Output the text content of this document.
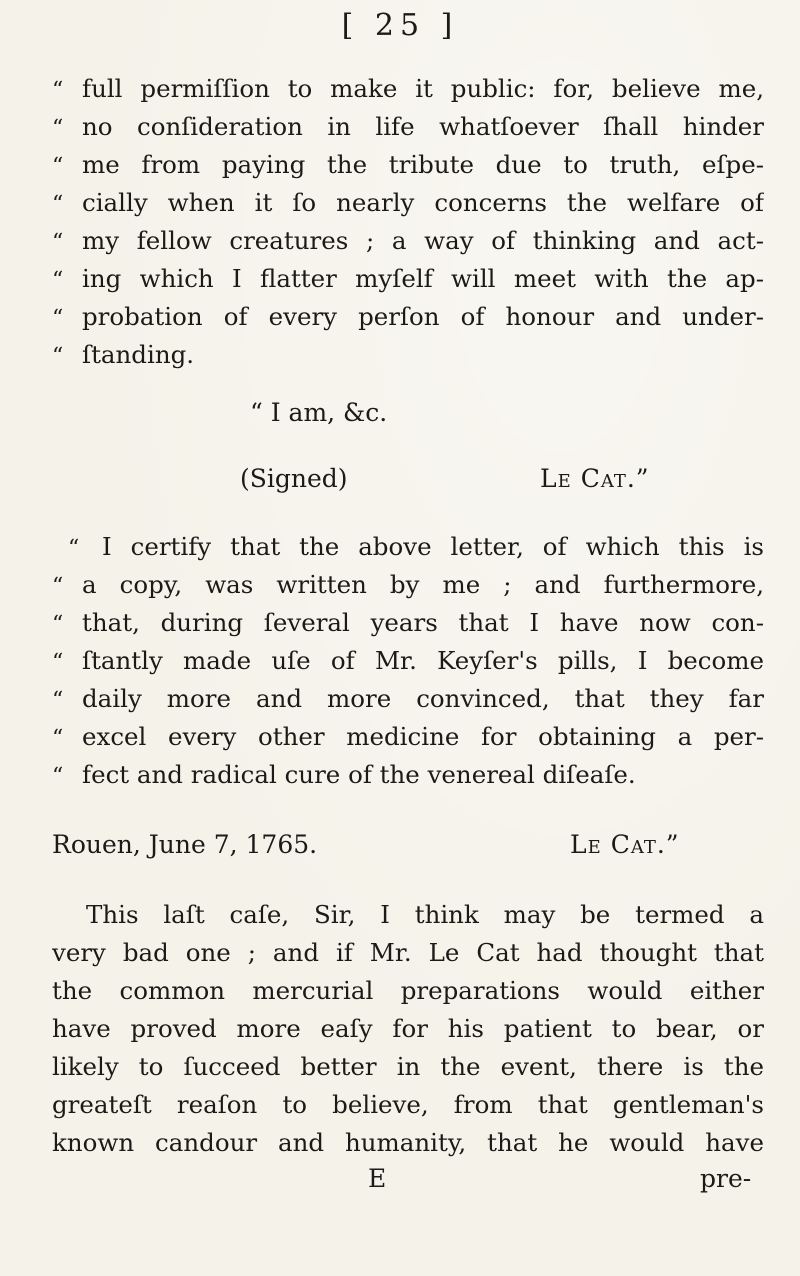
[ 25 ]
“ full permiſſion to make it public: for, believe me,
“ no conſideration in life whatſoever ſhall hinder
“ me from paying the tribute due to truth, eſpe-
“ cially when it ſo nearly concerns the welfare of
“ my fellow creatures ; a way of thinking and act-
“ ing which I flatter myſelf will meet with the ap-
“ probation of every perſon of honour and under-
“ ſtanding.
“ I am, &c.
(Signed)	Le Cat.”
“ I certify that the above letter, of which this is
“ a copy, was written by me ; and furthermore,
“ that, during ſeveral years that I have now con-
“ ſtantly made uſe of Mr. Keyſer's pills, I become
“ daily more and more convinced, that they far
“ excel every other medicine for obtaining a per-
“ fect and radical cure of the venereal diſeaſe.
Rouen, June 7, 1765.	Le Cat.”
This laſt caſe, Sir, I think may be termed a
very bad one ; and if Mr. Le Cat had thought that
the common mercurial preparations would either
have proved more eaſy for his patient to bear, or
likely to ſucceed better in the event, there is the
greateſt reaſon to believe, from that gentleman's
known candour and humanity, that he would have
E	pre-
